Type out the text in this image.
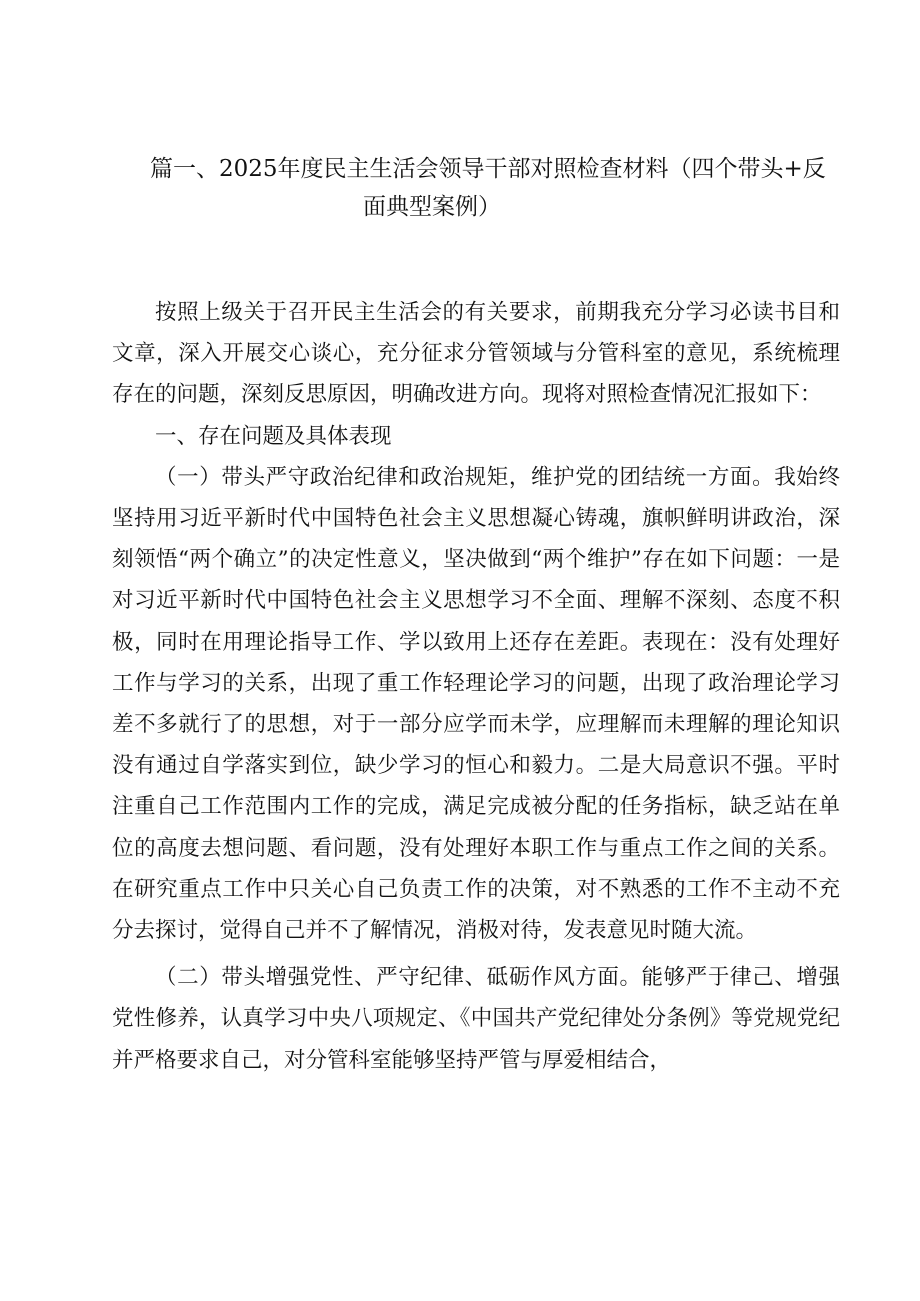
篇一、2025年度民主生活会领导干部对照检查材料（四个带头+反
面典型案例）

按照上级关于召开民主生活会的有关要求，前期我充分学习必读书目和文章，深入开展交心谈心，充分征求分管领域与分管科室的意见，系统梳理存在的问题，深刻反思原因，明确改进方向。现将对照检查情况汇报如下：

一、存在问题及具体表现

（一）带头严守政治纪律和政治规矩，维护党的团结统一方面。我始终坚持用习近平新时代中国特色社会主义思想凝心铸魂，旗帜鲜明讲政治，深刻领悟“两个确立”的决定性意义，坚决做到“两个维护”存在如下问题：一是对习近平新时代中国特色社会主义思想学习不全面、理解不深刻、态度不积极，同时在用理论指导工作、学以致用上还存在差距。表现在：没有处理好工作与学习的关系，出现了重工作轻理论学习的问题，出现了政治理论学习差不多就行了的思想，对于一部分应学而未学，应理解而未理解的理论知识没有通过自学落实到位，缺少学习的恒心和毅力。二是大局意识不强。平时注重自己工作范围内工作的完成，满足完成被分配的任务指标，缺乏站在单位的高度去想问题、看问题，没有处理好本职工作与重点工作之间的关系。在研究重点工作中只关心自己负责工作的决策，对不熟悉的工作不主动不充分去探讨，觉得自己并不了解情况，消极对待，发表意见时随大流。

（二）带头增强党性、严守纪律、砥砺作风方面。能够严于律己、增强党性修养，认真学习中央八项规定、《中国共产党纪律处分条例》等党规党纪并严格要求自己，对分管科室能够坚持严管与厚爱相结合，
